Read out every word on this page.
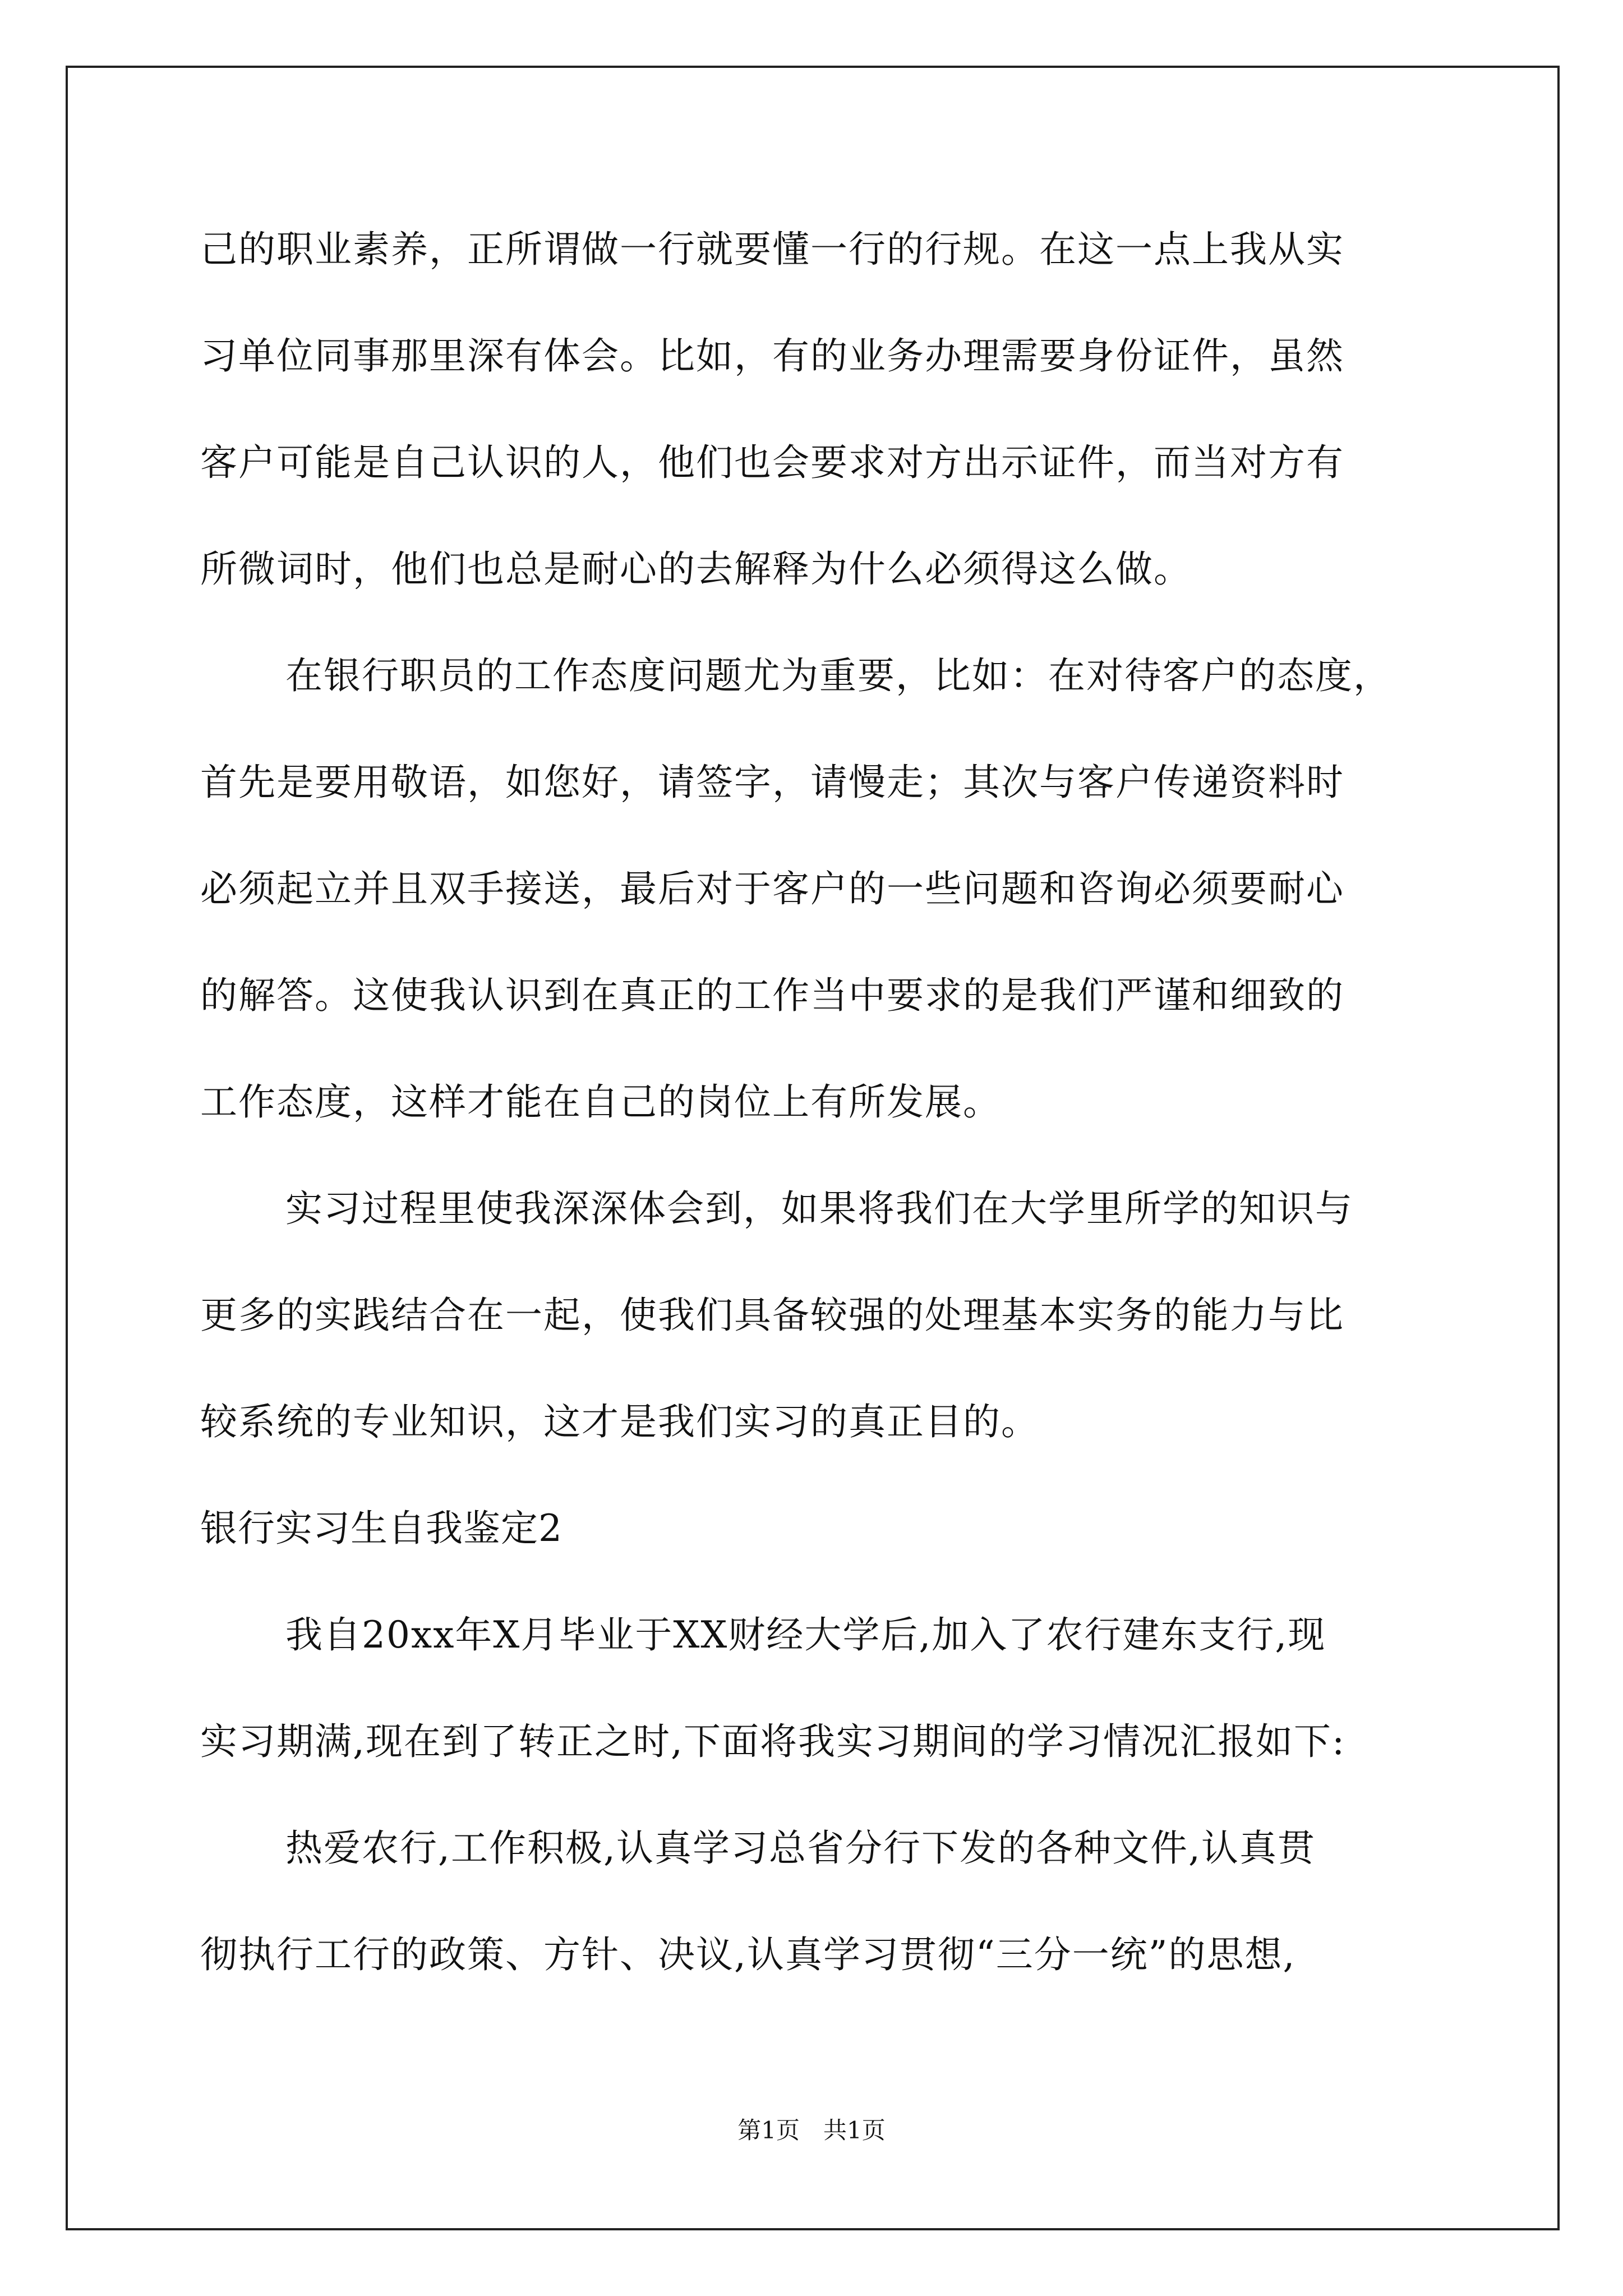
己的职业素养，正所谓做一行就要懂一行的行规。在这一点上我从实
习单位同事那里深有体会。比如，有的业务办理需要身份证件，虽然
客户可能是自己认识的人，他们也会要求对方出示证件，而当对方有
所微词时，他们也总是耐心的去解释为什么必须得这么做。
在银行职员的工作态度问题尤为重要，比如：在对待客户的态度，
首先是要用敬语，如您好，请签字，请慢走；其次与客户传递资料时
必须起立并且双手接送，最后对于客户的一些问题和咨询必须要耐心
的解答。这使我认识到在真正的工作当中要求的是我们严谨和细致的
工作态度，这样才能在自己的岗位上有所发展。
实习过程里使我深深体会到，如果将我们在大学里所学的知识与
更多的实践结合在一起，使我们具备较强的处理基本实务的能力与比
较系统的专业知识，这才是我们实习的真正目的。
银行实习生自我鉴定2
我自20xx年X月毕业于XX财经大学后,加入了农行建东支行,现
实习期满,现在到了转正之时,下面将我实习期间的学习情况汇报如下:
热爱农行,工作积极,认真学习总省分行下发的各种文件,认真贯
彻执行工行的政策、方针、决议,认真学习贯彻“三分一统”的思想,
第1页　共1页
